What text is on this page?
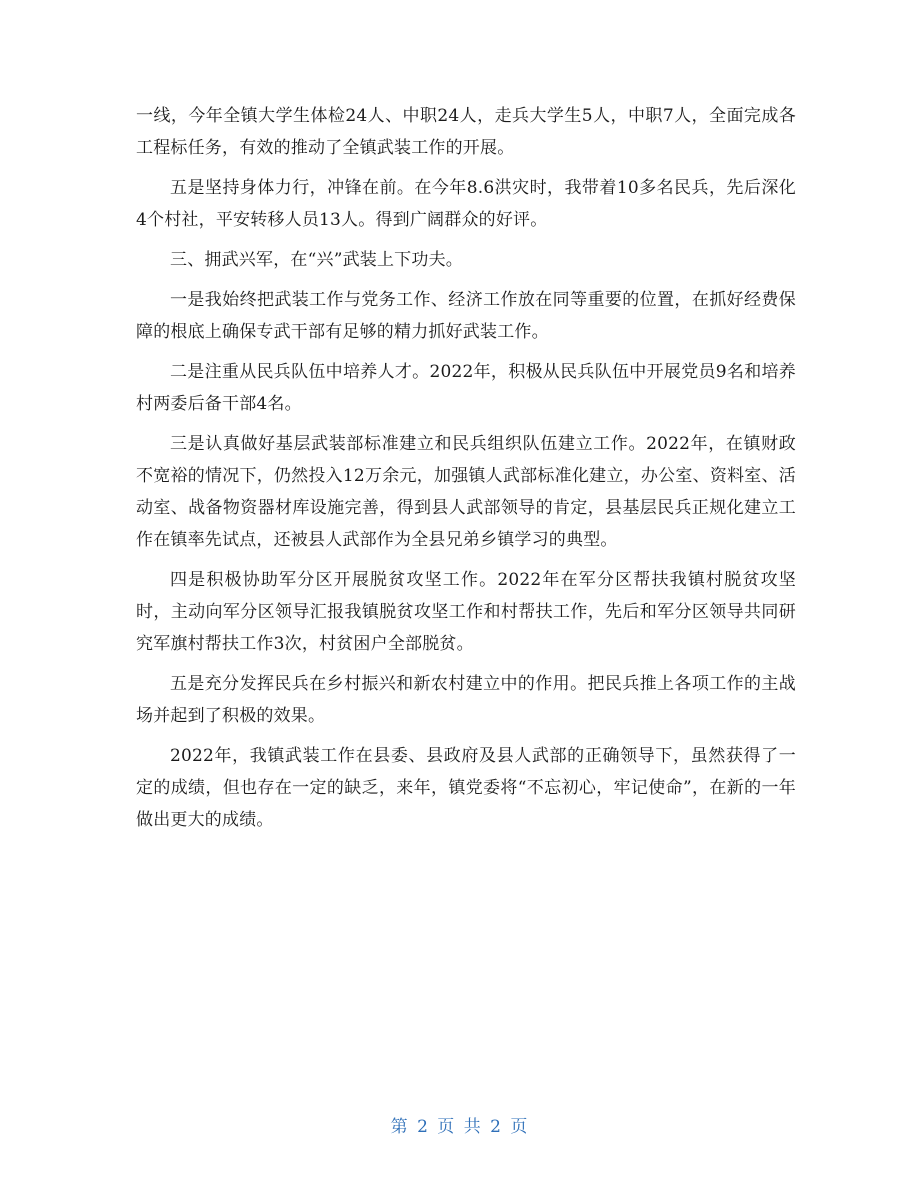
一线，今年全镇大学生体检24人、中职24人，走兵大学生5人，中职7人，全面完成各工程标任务，有效的推动了全镇武装工作的开展。

五是坚持身体力行，冲锋在前。在今年8.6洪灾时，我带着10多名民兵，先后深化4个村社，平安转移人员13人。得到广阔群众的好评。

三、拥武兴军，在“兴”武装上下功夫。

一是我始终把武装工作与党务工作、经济工作放在同等重要的位置，在抓好经费保障的根底上确保专武干部有足够的精力抓好武装工作。

二是注重从民兵队伍中培养人才。2022年，积极从民兵队伍中开展党员9名和培养村两委后备干部4名。

三是认真做好基层武装部标准建立和民兵组织队伍建立工作。2022年，在镇财政不宽裕的情况下，仍然投入12万余元，加强镇人武部标准化建立，办公室、资料室、活动室、战备物资器材库设施完善，得到县人武部领导的肯定，县基层民兵正规化建立工作在镇率先试点，还被县人武部作为全县兄弟乡镇学习的典型。

四是积极协助军分区开展脱贫攻坚工作。2022年在军分区帮扶我镇村脱贫攻坚时，主动向军分区领导汇报我镇脱贫攻坚工作和村帮扶工作，先后和军分区领导共同研究军旗村帮扶工作3次，村贫困户全部脱贫。

五是充分发挥民兵在乡村振兴和新农村建立中的作用。把民兵推上各项工作的主战场并起到了积极的效果。

2022年，我镇武装工作在县委、县政府及县人武部的正确领导下，虽然获得了一定的成绩，但也存在一定的缺乏，来年，镇党委将“不忘初心，牢记使命”，在新的一年做出更大的成绩。

第 2 页 共 2 页
